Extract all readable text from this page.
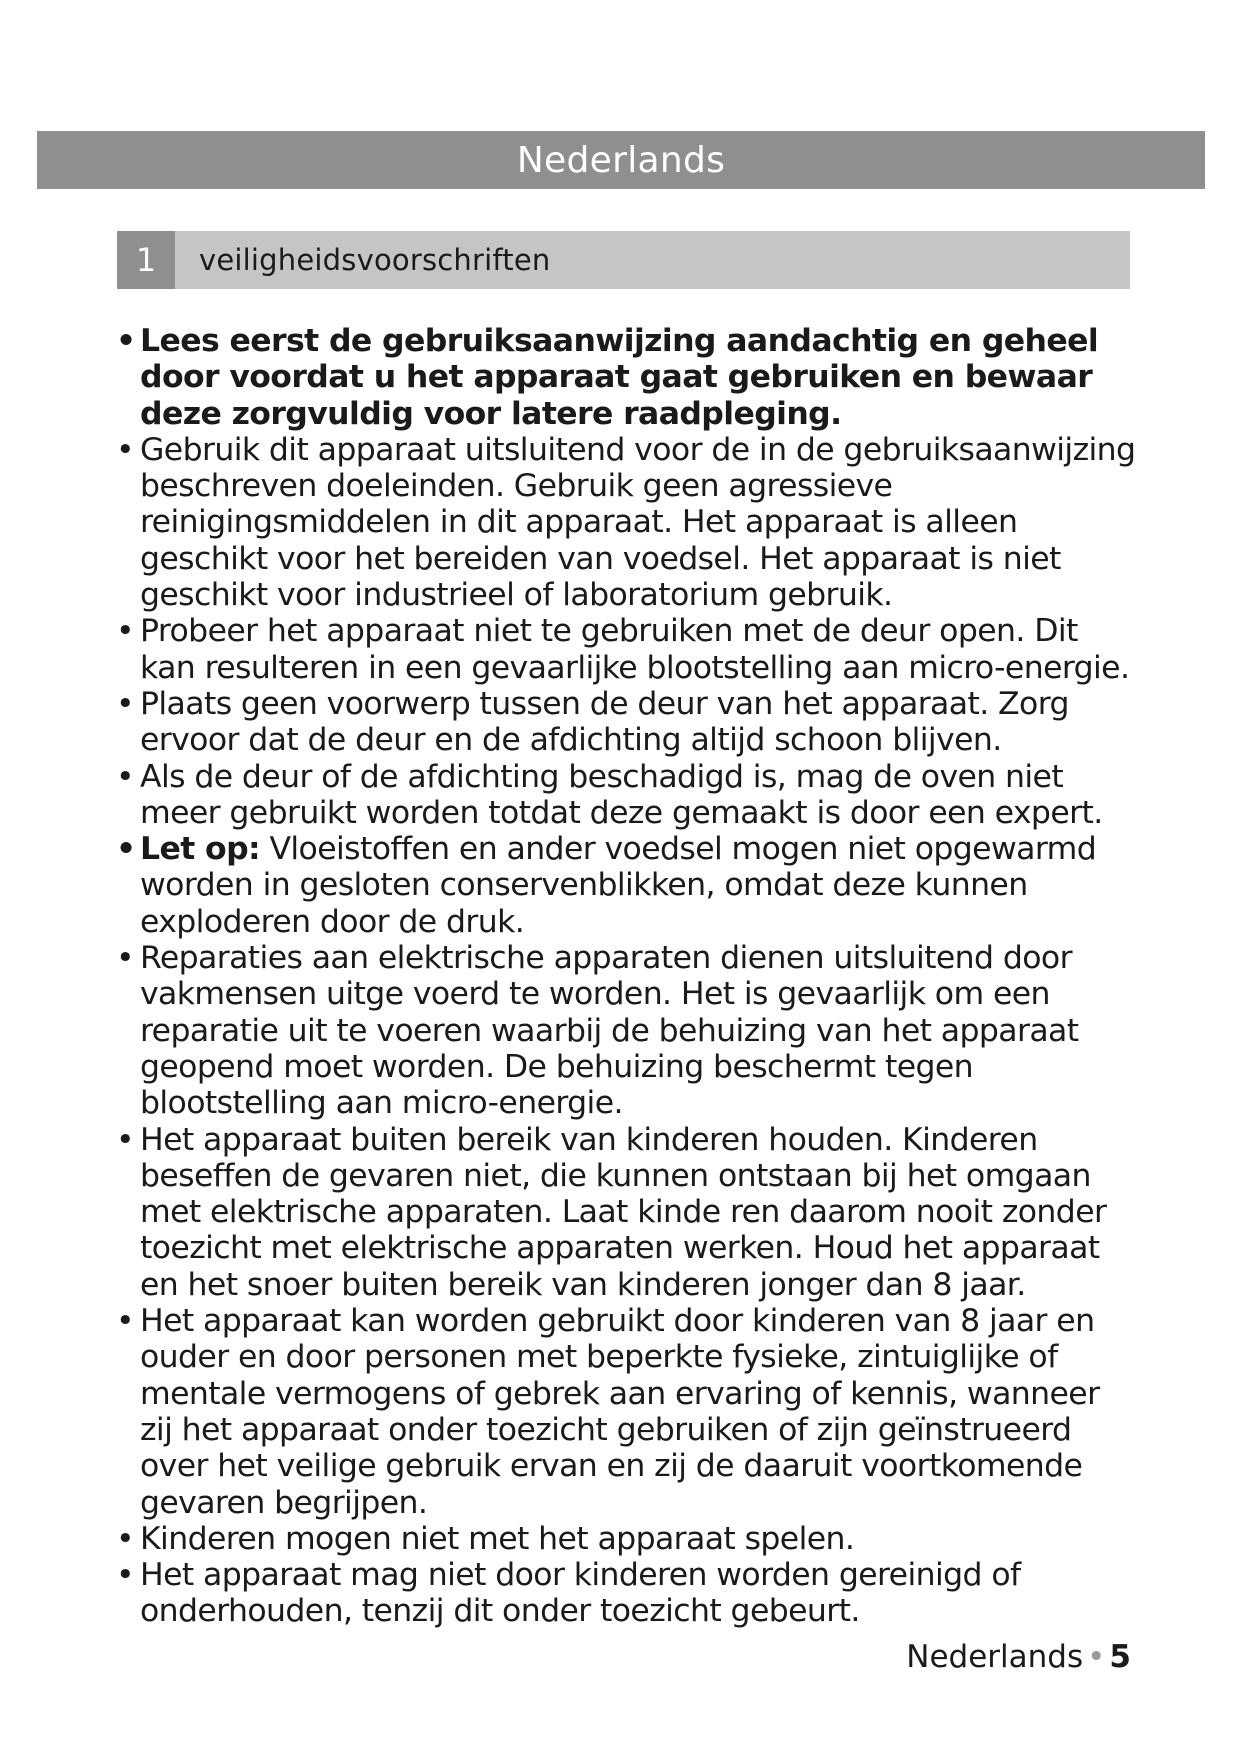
Nederlands
1	veiligheidsvoorschriften
• Lees eerst de gebruiksaanwijzing aandachtig en geheel door voordat u het apparaat gaat gebruiken en bewaar deze zorgvuldig voor latere raadpleging.
• Gebruik dit apparaat uitsluitend voor de in de gebruiksaanwijzing beschreven doeleinden. Gebruik geen agressieve reinigingsmiddelen in dit apparaat. Het apparaat is alleen geschikt voor het bereiden van voedsel. Het apparaat is niet geschikt voor industrieel of laboratorium gebruik.
• Probeer het apparaat niet te gebruiken met de deur open. Dit kan resulteren in een gevaarlijke blootstelling aan micro-energie.
• Plaats geen voorwerp tussen de deur van het apparaat. Zorg ervoor dat de deur en de afdichting altijd schoon blijven.
• Als de deur of de afdichting beschadigd is, mag de oven niet meer gebruikt worden totdat deze gemaakt is door een expert.
• Let op: Vloeistoffen en ander voedsel mogen niet opgewarmd worden in gesloten conservenblikken, omdat deze kunnen exploderen door de druk.
• Reparaties aan elektrische apparaten dienen uitsluitend door vakmensen uitge voerd te worden. Het is gevaarlijk om een reparatie uit te voeren waarbij de behuizing van het apparaat geopend moet worden. De behuizing beschermt tegen blootstelling aan micro-energie.
• Het apparaat buiten bereik van kinderen houden. Kinderen beseffen de gevaren niet, die kunnen ontstaan bij het omgaan met elektrische apparaten. Laat kinde ren daarom nooit zonder toezicht met elektrische apparaten werken. Houd het apparaat en het snoer buiten bereik van kinderen jonger dan 8 jaar.
• Het apparaat kan worden gebruikt door kinderen van 8 jaar en ouder en door personen met beperkte fysieke, zintuiglijke of mentale vermogens of gebrek aan ervaring of kennis, wanneer zij het apparaat onder toezicht gebruiken of zijn geïnstrueerd over het veilige gebruik ervan en zij de daaruit voortkomende gevaren begrijpen.
• Kinderen mogen niet met het apparaat spelen.
• Het apparaat mag niet door kinderen worden gereinigd of onderhouden, tenzij dit onder toezicht gebeurt.
Nederlands • 5
